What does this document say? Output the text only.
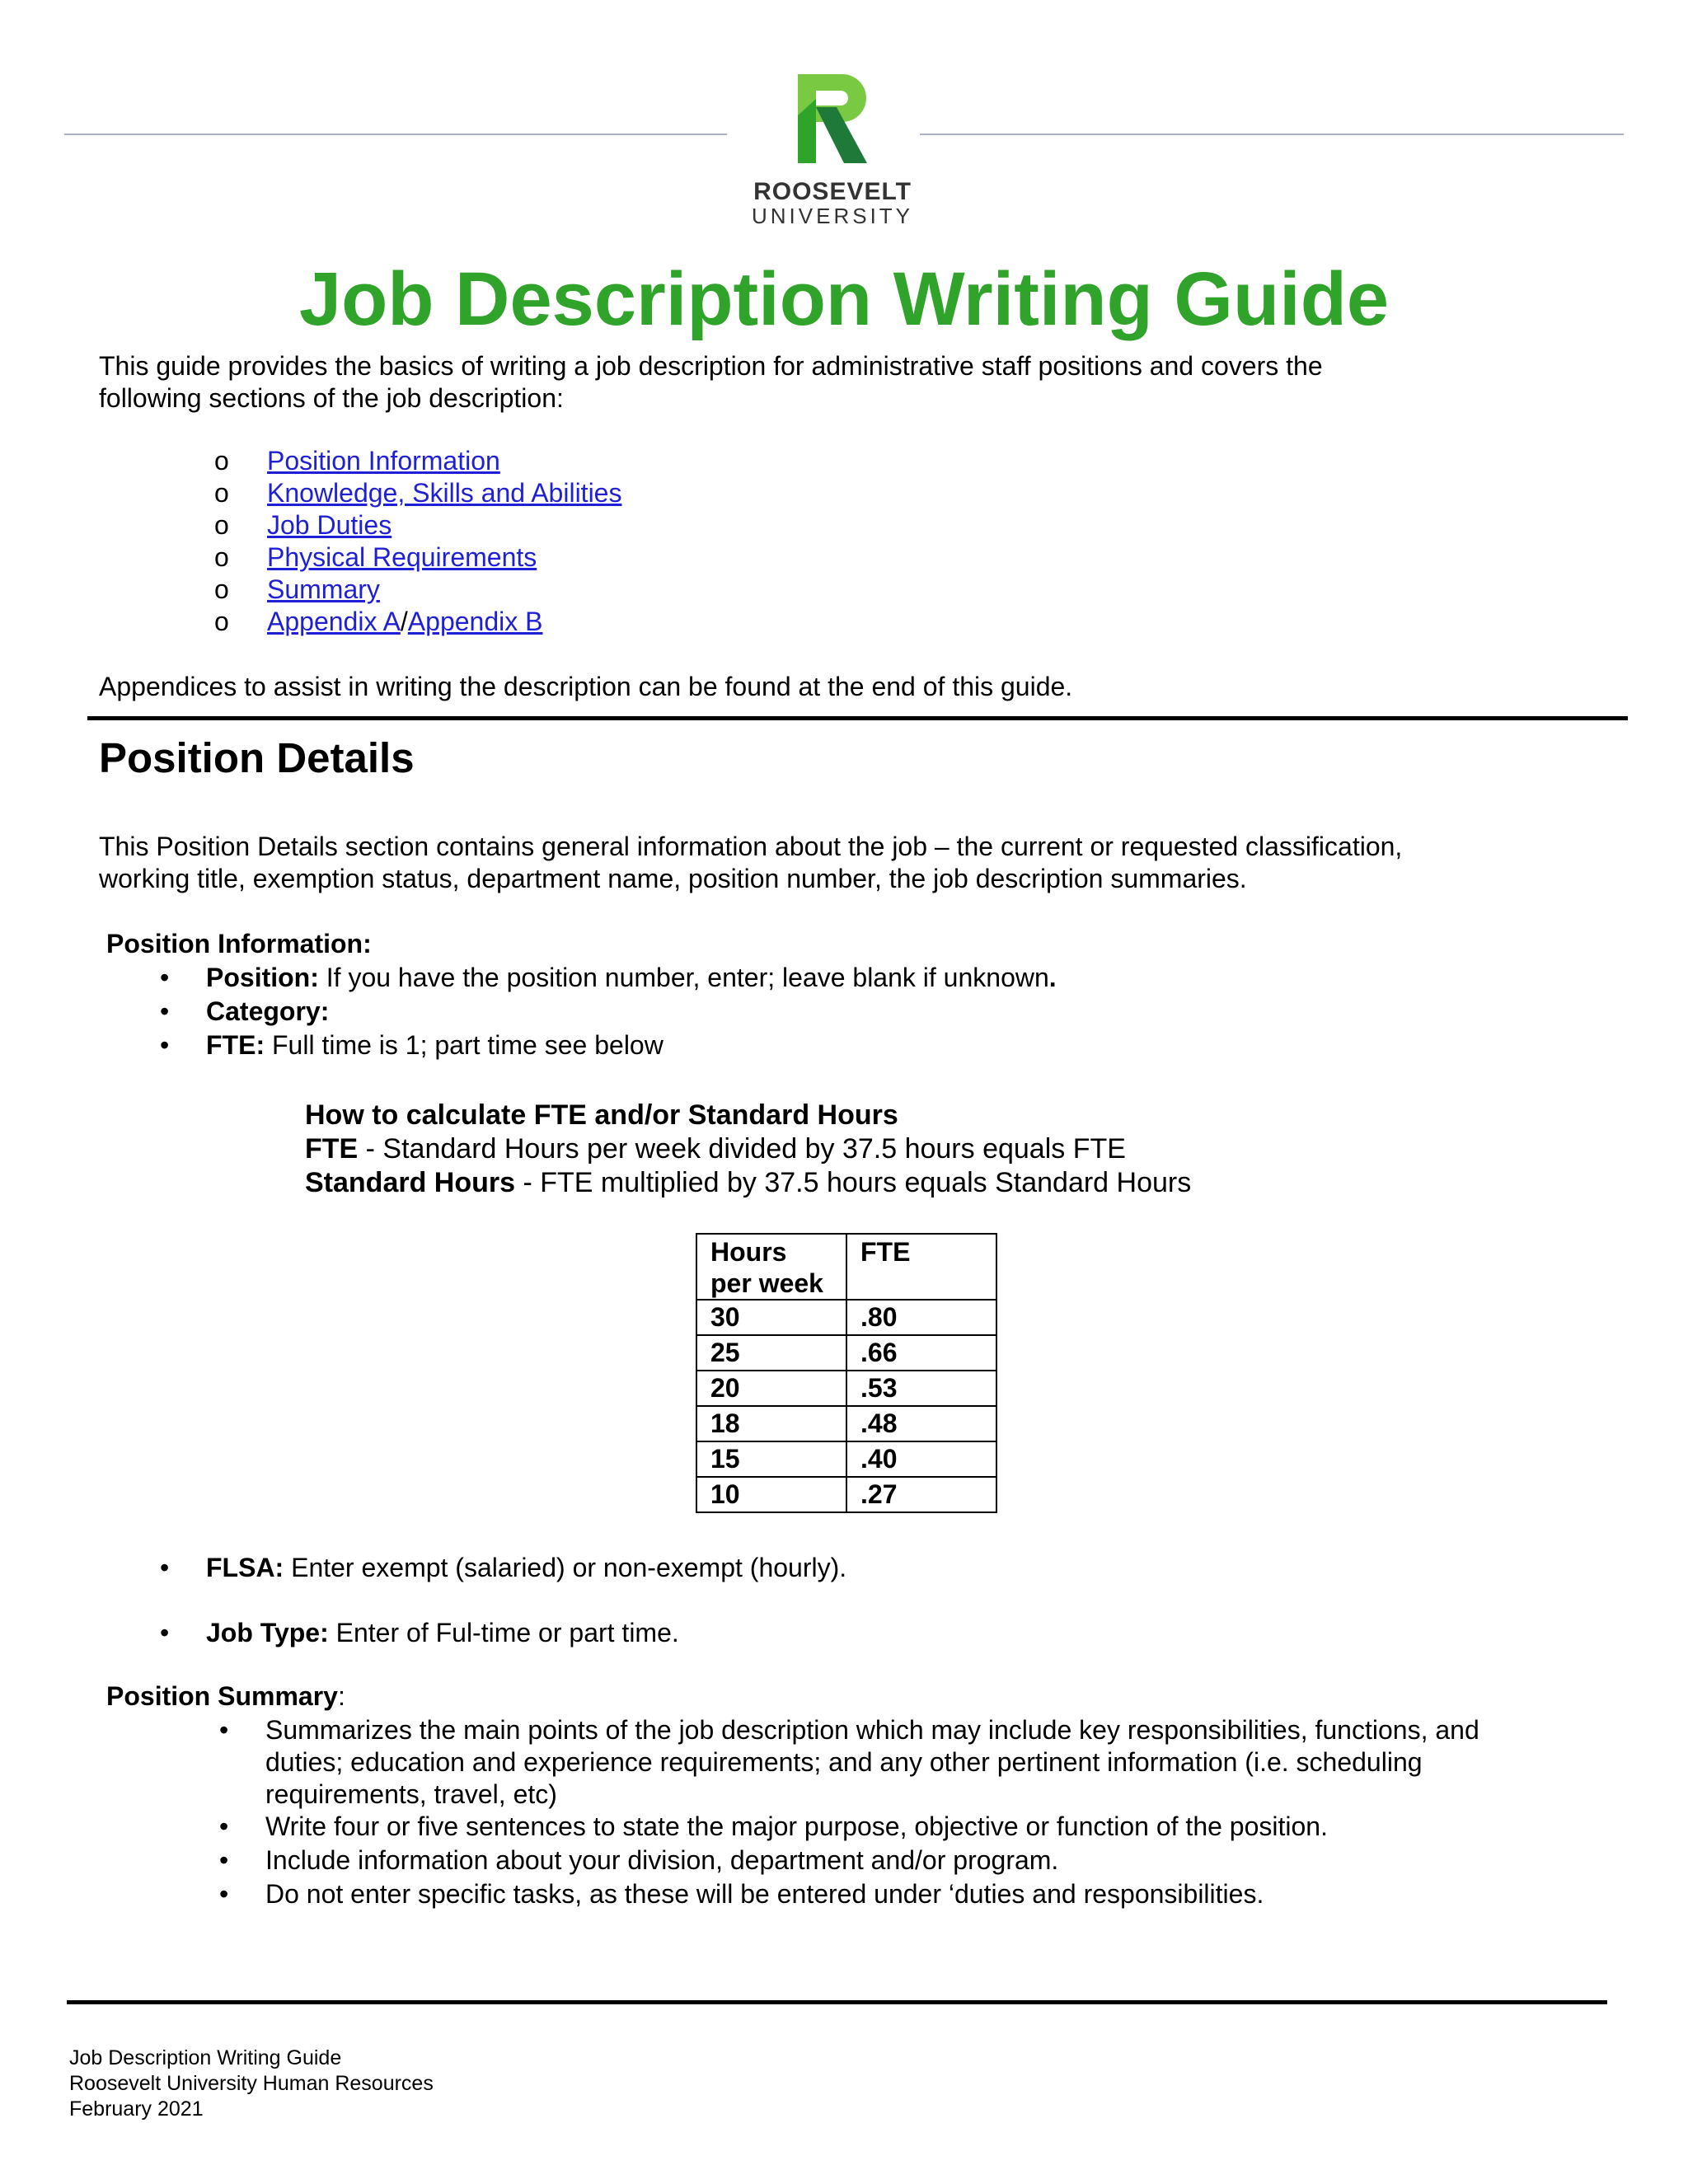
ROOSEVELT
UNIVERSITY
Job Description Writing Guide
This guide provides the basics of writing a job description for administrative staff positions and covers the
following sections of the job description:
o	Position Information
o	Knowledge, Skills and Abilities
o	Job Duties
o	Physical Requirements
o	Summary
o	Appendix A/Appendix B
Appendices to assist in writing the description can be found at the end of this guide.
Position Details
This Position Details section contains general information about the job – the current or requested classification,
working title, exemption status, department name, position number, the job description summaries.
Position Information:
• Position: If you have the position number, enter; leave blank if unknown.
• Category:
• FTE: Full time is 1; part time see below
How to calculate FTE and/or Standard Hours
FTE - Standard Hours per week divided by 37.5 hours equals FTE
Standard Hours - FTE multiplied by 37.5 hours equals Standard Hours
Hours per week	FTE
30	.80
25	.66
20	.53
18	.48
15	.40
10	.27
• FLSA: Enter exempt (salaried) or non-exempt (hourly).
• Job Type: Enter of Ful-time or part time.
Position Summary:
• Summarizes the main points of the job description which may include key responsibilities, functions, and
duties; education and experience requirements; and any other pertinent information (i.e. scheduling
requirements, travel, etc)
• Write four or five sentences to state the major purpose, objective or function of the position.
• Include information about your division, department and/or program.
• Do not enter specific tasks, as these will be entered under ‘duties and responsibilities.
Job Description Writing Guide
Roosevelt University Human Resources
February 2021
